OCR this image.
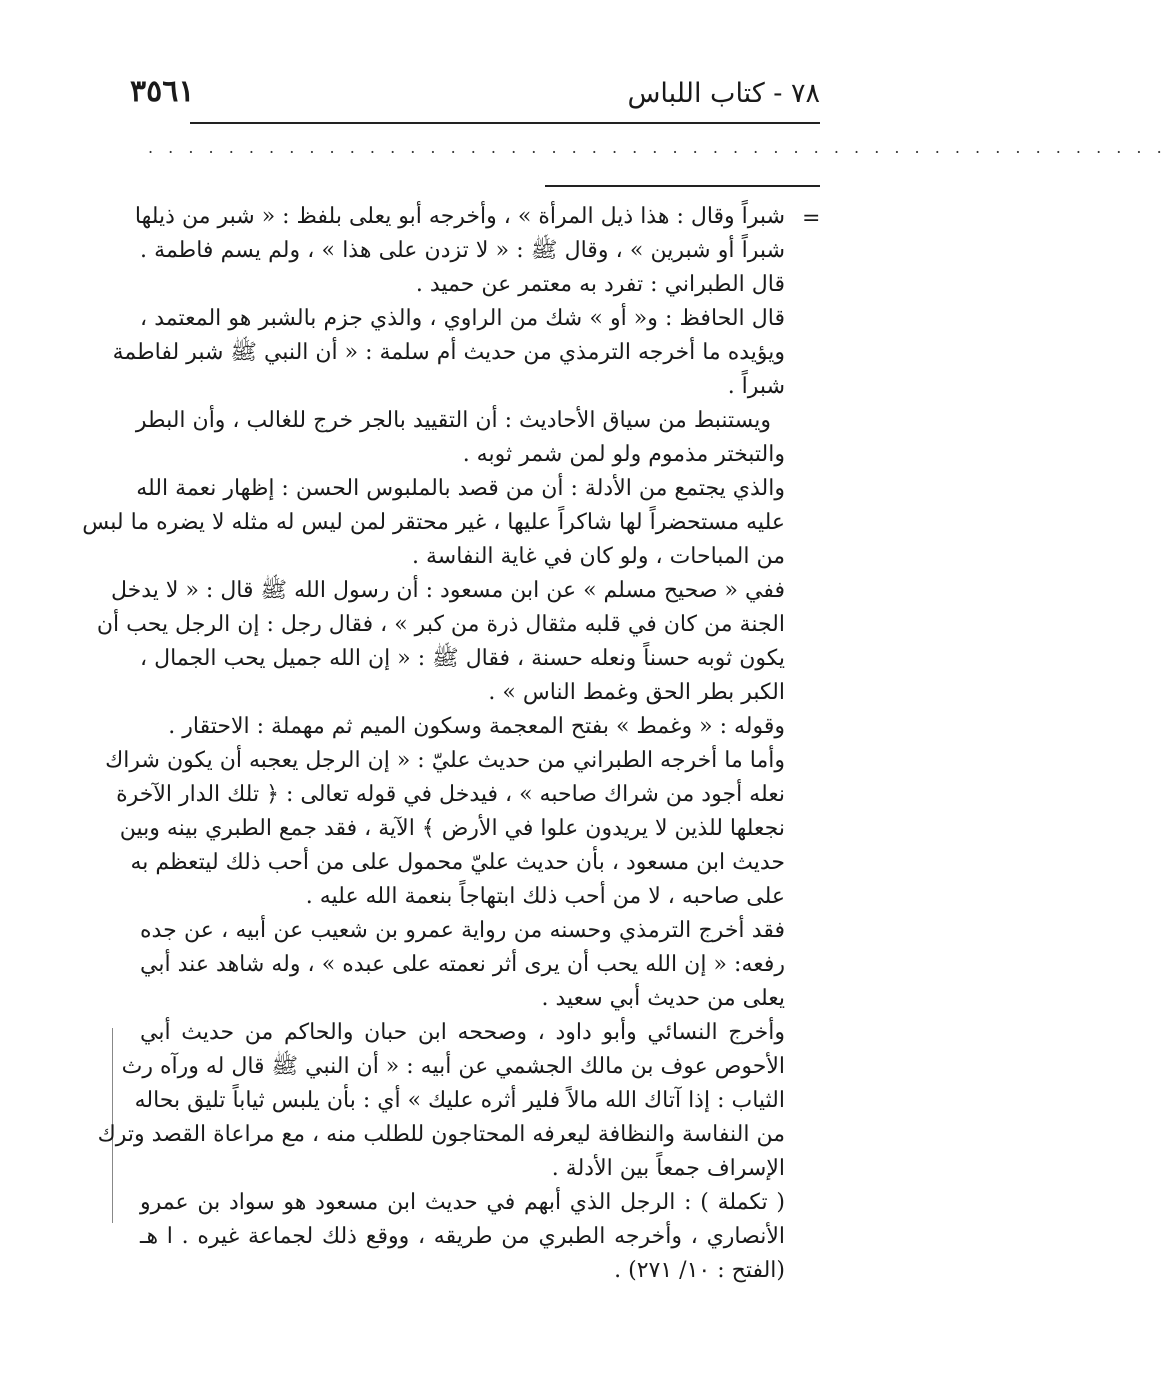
٧٨ - كتاب اللباس
٣٥٦١
. . . . . . . . . . . . . . . . . . . . . . . . . . . . . . . . . . . . . . . . . . . . . . . . . . .
=
شبراً وقال : هذا ذيل المرأة » ، وأخرجه أبو يعلى بلفظ : « شبر من ذيلها
شبراً أو شبرين » ، وقال ﷺ : « لا تزدن على هذا » ، ولم يسم فاطمة .
قال الطبراني : تفرد به معتمر عن حميد .
قال الحافظ : و« أو » شك من الراوي ، والذي جزم بالشبر هو المعتمد ،
ويؤيده ما أخرجه الترمذي من حديث أم سلمة : « أن النبي ﷺ شبر لفاطمة
شبراً .
ويستنبط من سياق الأحاديث : أن التقييد بالجر خرج للغالب ، وأن البطر
والتبختر مذموم ولو لمن شمر ثوبه .
والذي يجتمع من الأدلة : أن من قصد بالملبوس الحسن : إظهار نعمة الله
عليه مستحضراً لها شاكراً عليها ، غير محتقر لمن ليس له مثله لا يضره ما لبس
من المباحات ، ولو كان في غاية النفاسة .
ففي « صحيح مسلم » عن ابن مسعود : أن رسول الله ﷺ قال : « لا يدخل
الجنة من كان في قلبه مثقال ذرة من كبر » ، فقال رجل : إن الرجل يحب أن
يكون ثوبه حسناً ونعله حسنة ، فقال ﷺ : « إن الله جميل يحب الجمال ،
الكبر بطر الحق وغمط الناس » .
وقوله : « وغمط » بفتح المعجمة وسكون الميم ثم مهملة : الاحتقار .
وأما ما أخرجه الطبراني من حديث عليّ : « إن الرجل يعجبه أن يكون شراك
نعله أجود من شراك صاحبه » ، فيدخل في قوله تعالى : ﴿ تلك الدار الآخرة
نجعلها للذين لا يريدون علوا في الأرض ﴾ الآية ، فقد جمع الطبري بينه وبين
حديث ابن مسعود ، بأن حديث عليّ محمول على من أحب ذلك ليتعظم به
على صاحبه ، لا من أحب ذلك ابتهاجاً بنعمة الله عليه .
فقد أخرج الترمذي وحسنه من رواية عمرو بن شعيب عن أبيه ، عن جده
رفعه: « إن الله يحب أن يرى أثر نعمته على عبده » ، وله شاهد عند أبي
يعلى من حديث أبي سعيد .
وأخرج النسائي وأبو داود ، وصححه ابن حبان والحاكم من حديث أبي
الأحوص عوف بن مالك الجشمي عن أبيه : « أن النبي ﷺ قال له ورآه رث
الثياب : إذا آتاك الله مالاً فلير أثره عليك » أي : بأن يلبس ثياباً تليق بحاله
من النفاسة والنظافة ليعرفه المحتاجون للطلب منه ، مع مراعاة القصد وترك
الإسراف جمعاً بين الأدلة .
( تكملة ) : الرجل الذي أبهم في حديث ابن مسعود هو سواد بن عمرو
الأنصاري ، وأخرجه الطبري من طريقه ، ووقع ذلك لجماعة غيره . ا هـ
(الفتح : ١٠/ ٢٧١) .
